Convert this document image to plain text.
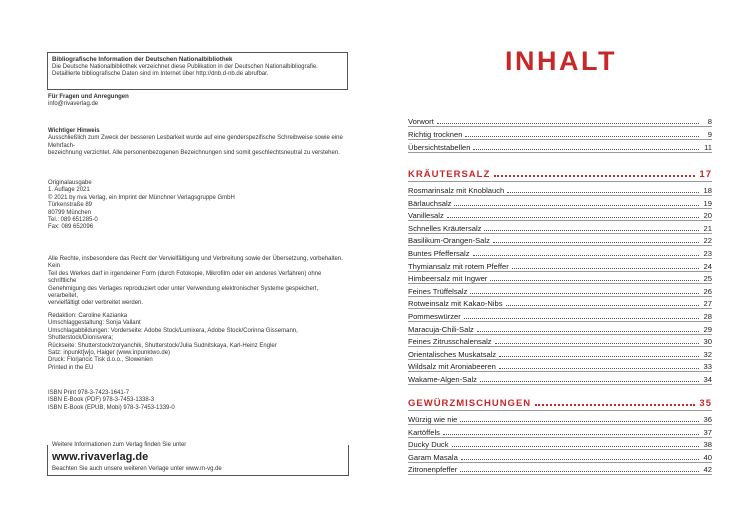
Bibliografische Information der Deutschen Nationalbibliothek
Die Deutsche Nationalbibliothek verzeichnet diese Publikation in der Deutschen Nationalbibliografie.
Detaillierte bibliografische Daten sind im Internet über http://dnb.d-nb.de abrufbar.
Für Fragen und Anregungen
info@rivaverlag.de
Wichtiger Hinweis
Ausschließlich zum Zweck der besseren Lesbarkeit wurde auf eine genderspezifische Schreibweise sowie eine Mehrfach-
bezeichnung verzichtet. Alle personenbezogenen Bezeichnungen sind somit geschlechtsneutral zu verstehen.
Originalausgabe
1. Auflage 2021
© 2021 by riva Verlag, ein Imprint der Münchner Verlagsgruppe GmbH
Türkenstraße 89
80799 München
Tel.: 089 651285-0
Fax: 089 652096
Alle Rechte, insbesondere das Recht der Vervielfältigung und Verbreitung sowie der Übersetzung, vorbehalten. Kein
Teil des Werkes darf in irgendeiner Form (durch Fotokopie, Mikrofilm oder ein anderes Verfahren) ohne schriftliche
Genehmigung des Verlages reproduziert oder unter Verwendung elektronischer Systeme gespeichert, verarbeitet,
vervielfältigt oder verbreitet werden.
Redaktion: Caroline Kazianka
Umschlaggestaltung: Sonja Vallant
Umschlagabbildungen: Vorderseite: Adobe Stock/Lumixera, Adobe Stock/Corinna Gissemann, Shutterstock/Dionisvera;
Rückseite: Shutterstock/zoryanchik, Shutterstock/Julia Sudnitskaya, Karl-Heinz Engler
Satz: inpunkt[w]o, Haiger (www.inpunktwo.de)
Druck: Florjancic Tisk d.o.o., Slowenien
Printed in the EU
ISBN Print 978-3-7423-1641-7
ISBN E-Book (PDF) 978-3-7453-1338-3
ISBN E-Book (EPUB, Mobi) 978-3-7453-1339-0
Weitere Informationen zum Verlag finden Sie unter
www.rivaverlag.de
Beachten Sie auch unsere weiteren Verlage unter www.m-vg.de
INHALT
Vorwort	8
Richtig trocknen	9
Übersichtstabellen	11
KRÄUTERSALZ	17
Rosmarinsalz mit Knoblauch	18
Bärlauchsalz	19
Vanillesalz	20
Schnelles Kräutersalz	21
Basilikum-Orangen-Salz	22
Buntes Pfeffersalz	23
Thymiansalz mit rotem Pfeffer	24
Himbeersalz mit Ingwer	25
Feines Trüffelsalz	26
Rotweinsalz mit Kakao-Nibs	27
Pommeswürzer	28
Maracuja-Chili-Salz	29
Feines Zitrusschalensalz	30
Orientalisches Muskatsalz	32
Wildsalz mit Aroniabeeren	33
Wakame-Algen-Salz	34
GEWÜRZMISCHUNGEN	35
Würzig wie nie	36
Kartöffels	37
Ducky Duck	38
Garam Masala	40
Zitronenpfeffer	42
